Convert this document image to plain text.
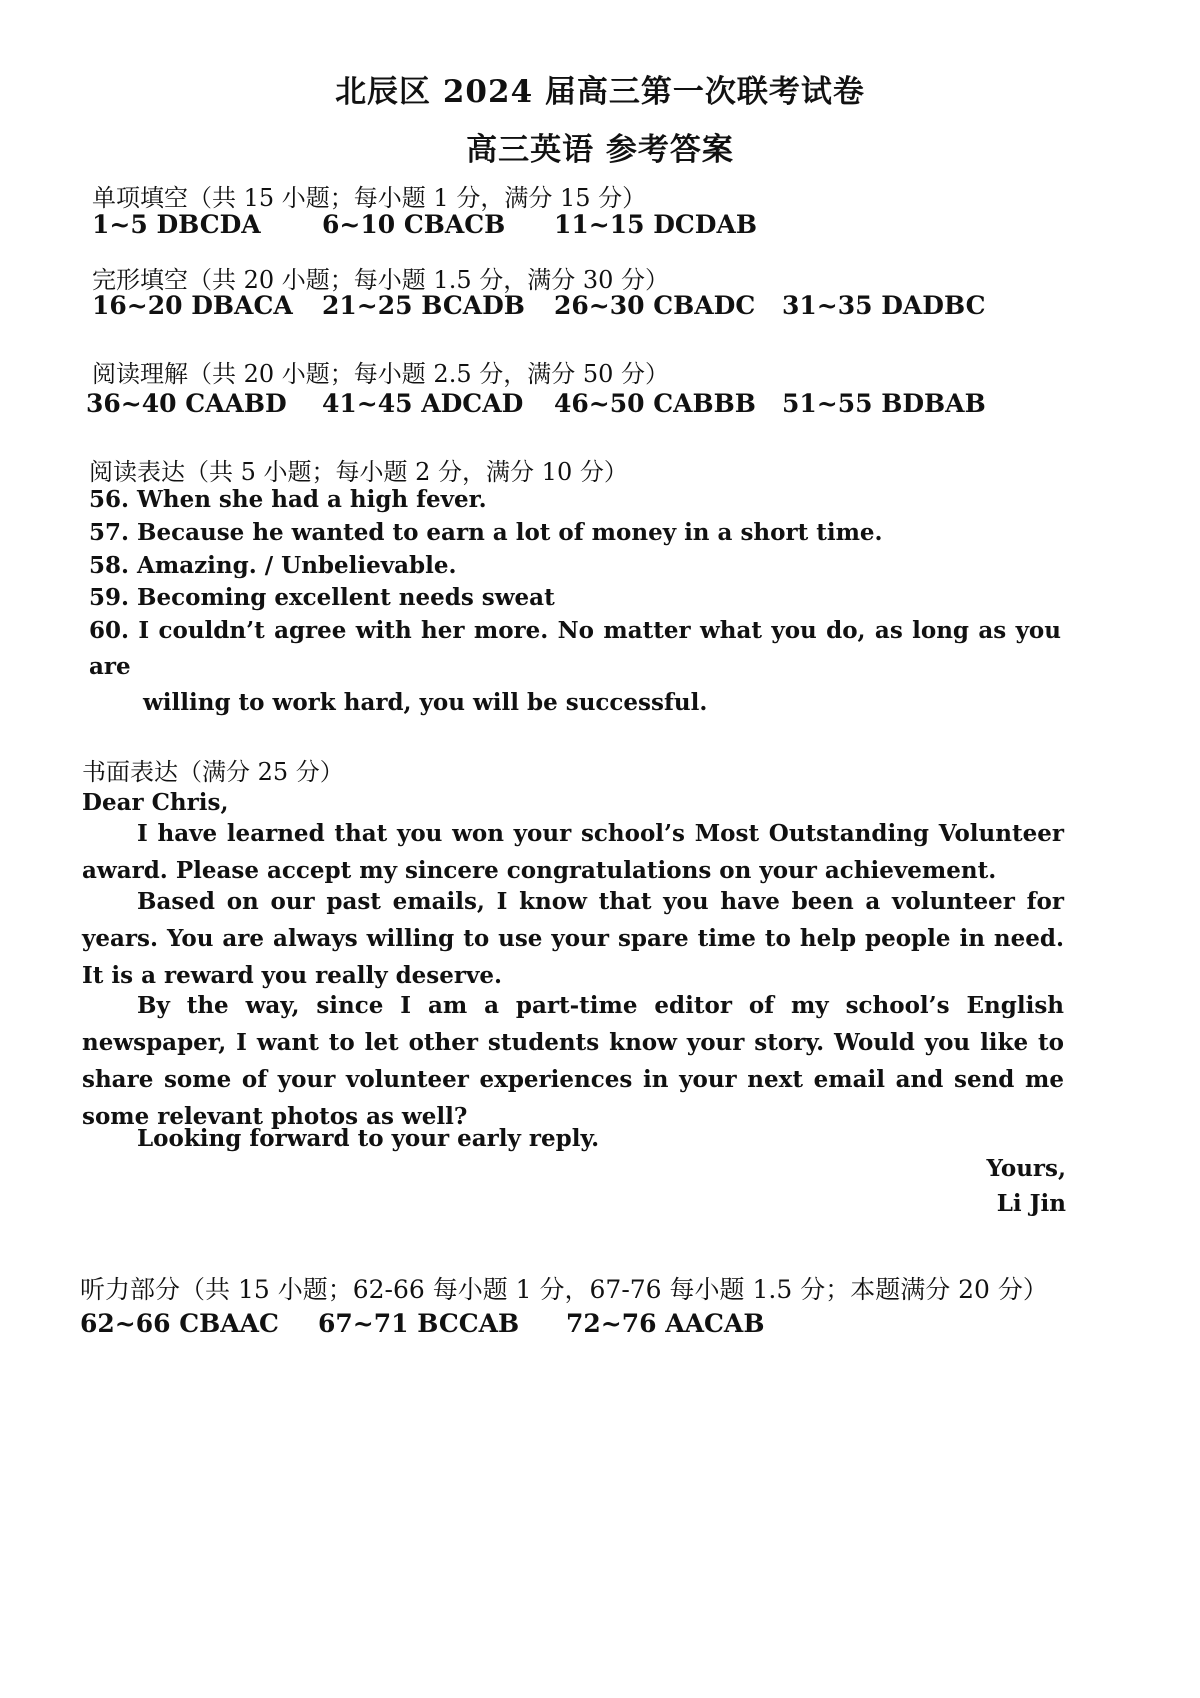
北辰区 2024 届高三第一次联考试卷
高三英语 参考答案
单项填空（共 15 小题；每小题 1 分，满分 15 分）
1~5 DBCDA 6~10 CBACB 11~15 DCDAB
完形填空（共 20 小题；每小题 1.5 分，满分 30 分）
16~20 DBACA 21~25 BCADB 26~30 CBADC 31~35 DADBC
阅读理解（共 20 小题；每小题 2.5 分，满分 50 分）
36~40 CAABD 41~45 ADCAD 46~50 CABBB 51~55 BDBAB
阅读表达（共 5 小题；每小题 2 分，满分 10 分）
56. When she had a high fever.
57. Because he wanted to earn a lot of money in a short time.
58. Amazing. / Unbelievable.
59. Becoming excellent needs sweat
60. I couldn’t agree with her more. No matter what you do, as long as you are
willing to work hard, you will be successful.
书面表达（满分 25 分）
Dear Chris,
I have learned that you won your school’s Most Outstanding Volunteer award. Please accept my sincere congratulations on your achievement.
Based on our past emails, I know that you have been a volunteer for years. You are always willing to use your spare time to help people in need. It is a reward you really deserve.
By the way, since I am a part-time editor of my school’s English newspaper, I want to let other students know your story. Would you like to share some of your volunteer experiences in your next email and send me some relevant photos as well?
Looking forward to your early reply.
Yours,
Li Jin
听力部分（共 15 小题；62-66 每小题 1 分，67-76 每小题 1.5 分；本题满分 20 分）
62~66 CBAAC 67~71 BCCAB 72~76 AACAB
